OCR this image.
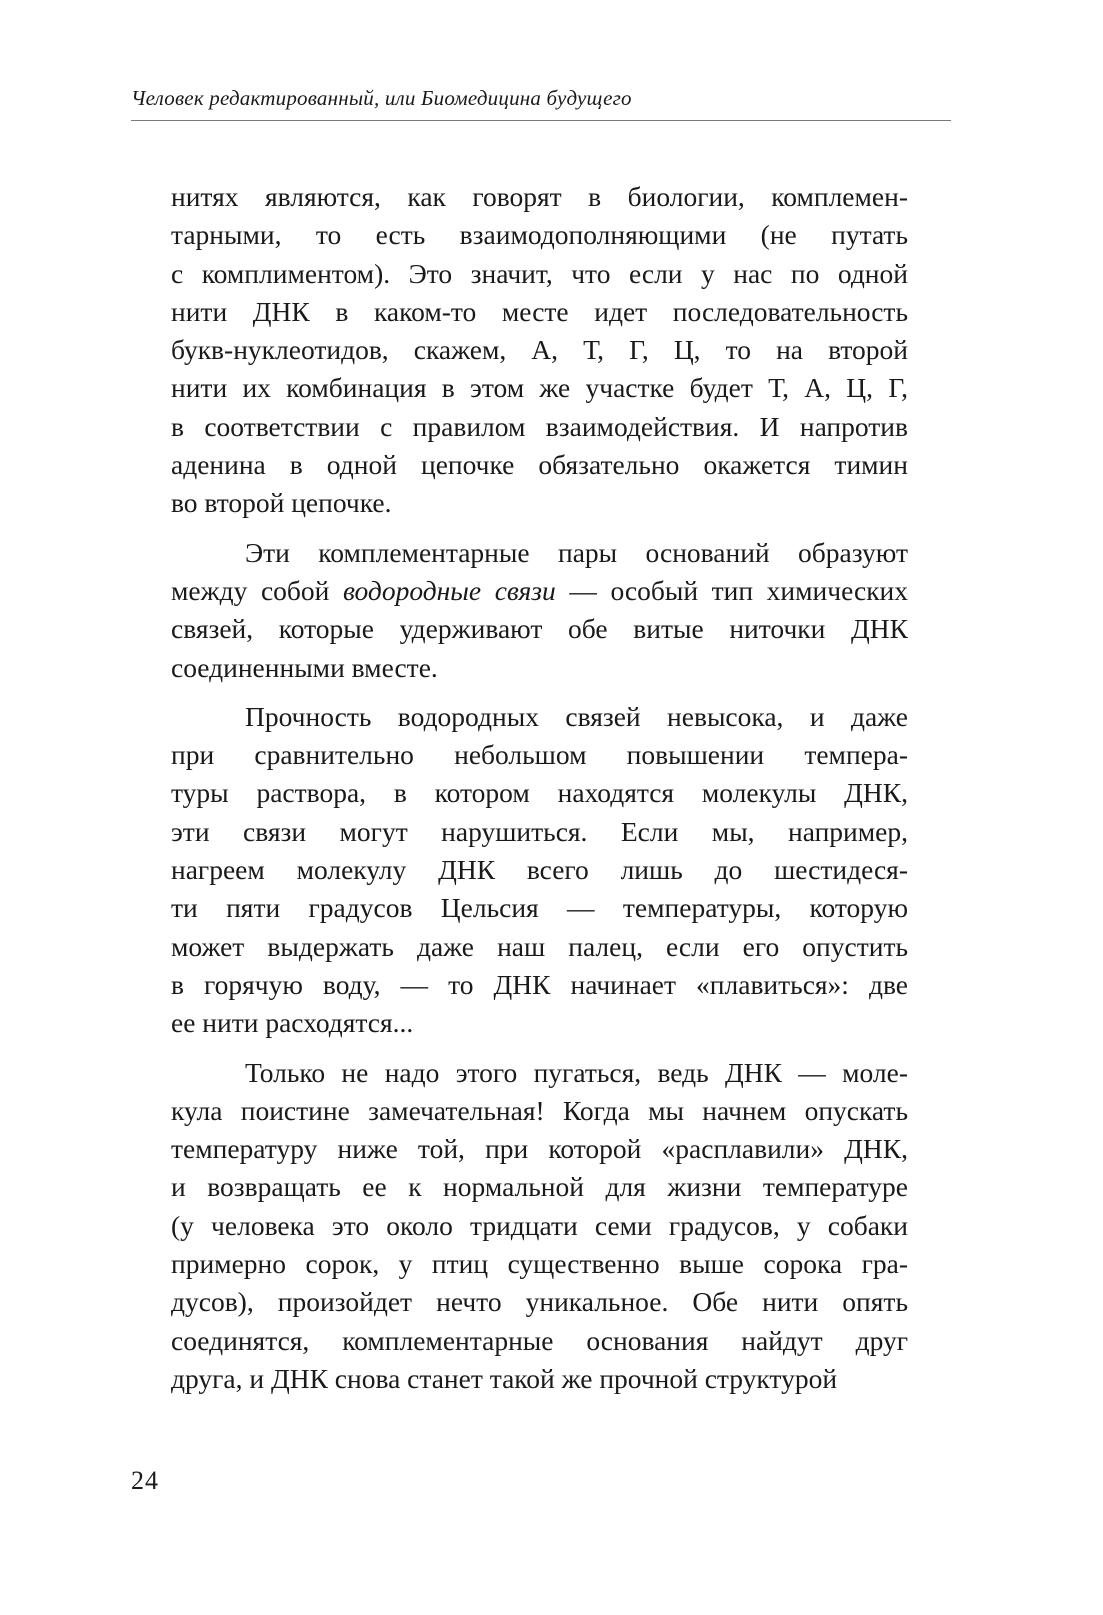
Человек редактированный, или Биомедицина будущего
нитях являются, как говорят в биологии, комплемен-
тарными, то есть взаимодополняющими (не путать
с комплиментом). Это значит, что если у нас по одной
нити ДНК в каком-то месте идет последовательность
букв-нуклеотидов, скажем, А, Т, Г, Ц, то на второй
нити их комбинация в этом же участке будет Т, А, Ц, Г,
в соответствии с правилом взаимодействия. И напротив
аденина в одной цепочке обязательно окажется тимин
во второй цепочке.
Эти комплементарные пары оснований образуют
между собой водородные связи — особый тип химических
связей, которые удерживают обе витые ниточки ДНК
соединенными вместе.
Прочность водородных связей невысока, и даже
при сравнительно небольшом повышении темпера-
туры раствора, в котором находятся молекулы ДНК,
эти связи могут нарушиться. Если мы, например,
нагреем молекулу ДНК всего лишь до шестидеся-
ти пяти градусов Цельсия — температуры, которую
может выдержать даже наш палец, если его опустить
в горячую воду, — то ДНК начинает «плавиться»: две
ее нити расходятся...
Только не надо этого пугаться, ведь ДНК — моле-
кула поистине замечательная! Когда мы начнем опускать
температуру ниже той, при которой «расплавили» ДНК,
и возвращать ее к нормальной для жизни температуре
(у человека это около тридцати семи градусов, у собаки
примерно сорок, у птиц существенно выше сорока гра-
дусов), произойдет нечто уникальное. Обе нити опять
соединятся, комплементарные основания найдут друг
друга, и ДНК снова станет такой же прочной структурой
24
